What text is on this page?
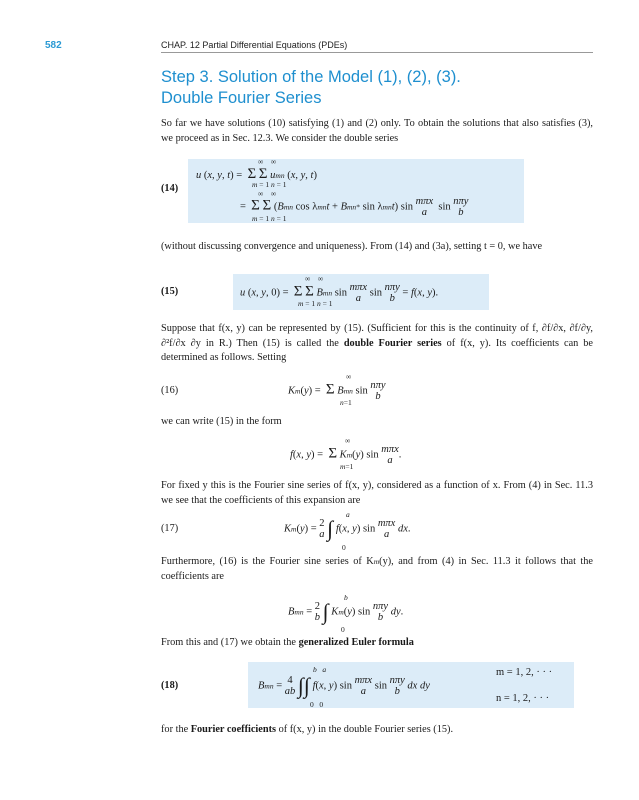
582	CHAP. 12 Partial Differential Equations (PDEs)
Step 3. Solution of the Model (1), (2), (3).
Double Fourier Series
So far we have solutions (10) satisfying (1) and (2) only. To obtain the solutions that also satisfies (3), we proceed as in Sec. 12.3. We consider the double series
(14)
u (x, y, t) =  Σ Σ umn (x, y, t)
∞    ∞
m = 1 n = 1
=  Σ Σ (Bmn cos λmnt + Bmn* sin λmnt) sin mπx
a  sin nπy
b
∞    ∞
m = 1 n = 1
(without discussing convergence and uniqueness). From (14) and (3a), setting t = 0, we have
(15)	u (x, y, 0) =  Σ Σ Bmn sin mπx
a sin nπy
b = f(x, y).
∞    ∞
m = 1 n = 1
Suppose that f(x, y) can be represented by (15). (Sufficient for this is the continuity of f, ∂f/∂x, ∂f/∂y, ∂²f/∂x ∂y in R.) Then (15) is called the double Fourier series of f(x, y). Its coefficients can be determined as follows. Setting
(16)	Km(y) =  Σ Bmn sin nπy
b
∞
n=1
we can write (15) in the form
f(x, y) =  Σ Km(y) sin mπx
a.
∞
m=1
For fixed y this is the Fourier sine series of f(x, y), considered as a function of x. From (4) in Sec. 11.3 we see that the coefficients of this expansion are
(17)	Km(y) = 2
a ∫ f(x, y) sin mπx
a dx.
a
0
Furthermore, (16) is the Fourier sine series of Km(y), and from (4) in Sec. 11.3 it follows that the coefficients are
Bmn = 2
b ∫ Km(y) sin nπy
b dy.
b
0
From this and (17) we obtain the generalized Euler formula
(18)	Bmn = 4
ab ∫∫ f(x, y) sin mπx
a sin nπy
b dx dy
b   a
0   0
m = 1, 2, · · ·
n = 1, 2, · · ·
for the Fourier coefficients of f(x, y) in the double Fourier series (15).
